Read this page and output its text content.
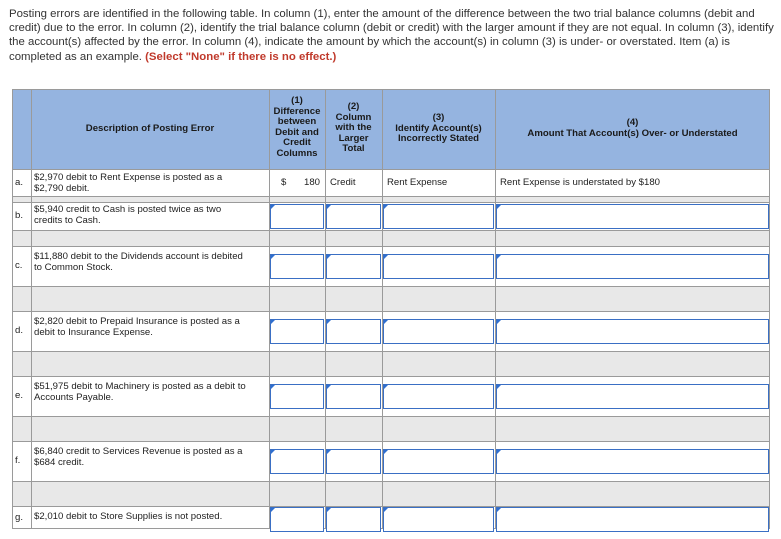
Posting errors are identified in the following table. In column (1), enter the amount of the difference between the two trial balance columns (debit and credit) due to the error. In column (2), identify the trial balance column (debit or credit) with the larger amount if they are not equal. In column (3), identify the account(s) affected by the error. In column (4), indicate the amount by which the account(s) in column (3) is under- or overstated. Item (a) is completed as an example. (Select "None" if there is no effect.)
Description of Posting Error
(1)
Difference
between
Debit and
Credit
Columns
(2)
Column
with the
Larger
Total
(3)
Identify Account(s)
Incorrectly Stated
(4)
Amount That Account(s) Over- or Understated
a. $2,970 debit to Rent Expense is posted as a
$2,790 debit.
$ 180 Credit	Rent Expense	Rent Expense is understated by $180
b.
$5,940 credit to Cash is posted twice as two
credits to Cash.
c.
$11,880 debit to the Dividends account is debited
to Common Stock.
d.
$2,820 debit to Prepaid Insurance is posted as a
debit to Insurance Expense.
e.
$51,975 debit to Machinery is posted as a debit to
Accounts Payable.
f.
$6,840 credit to Services Revenue is posted as a
$684 credit.
g. $2,010 debit to Store Supplies is not posted.
